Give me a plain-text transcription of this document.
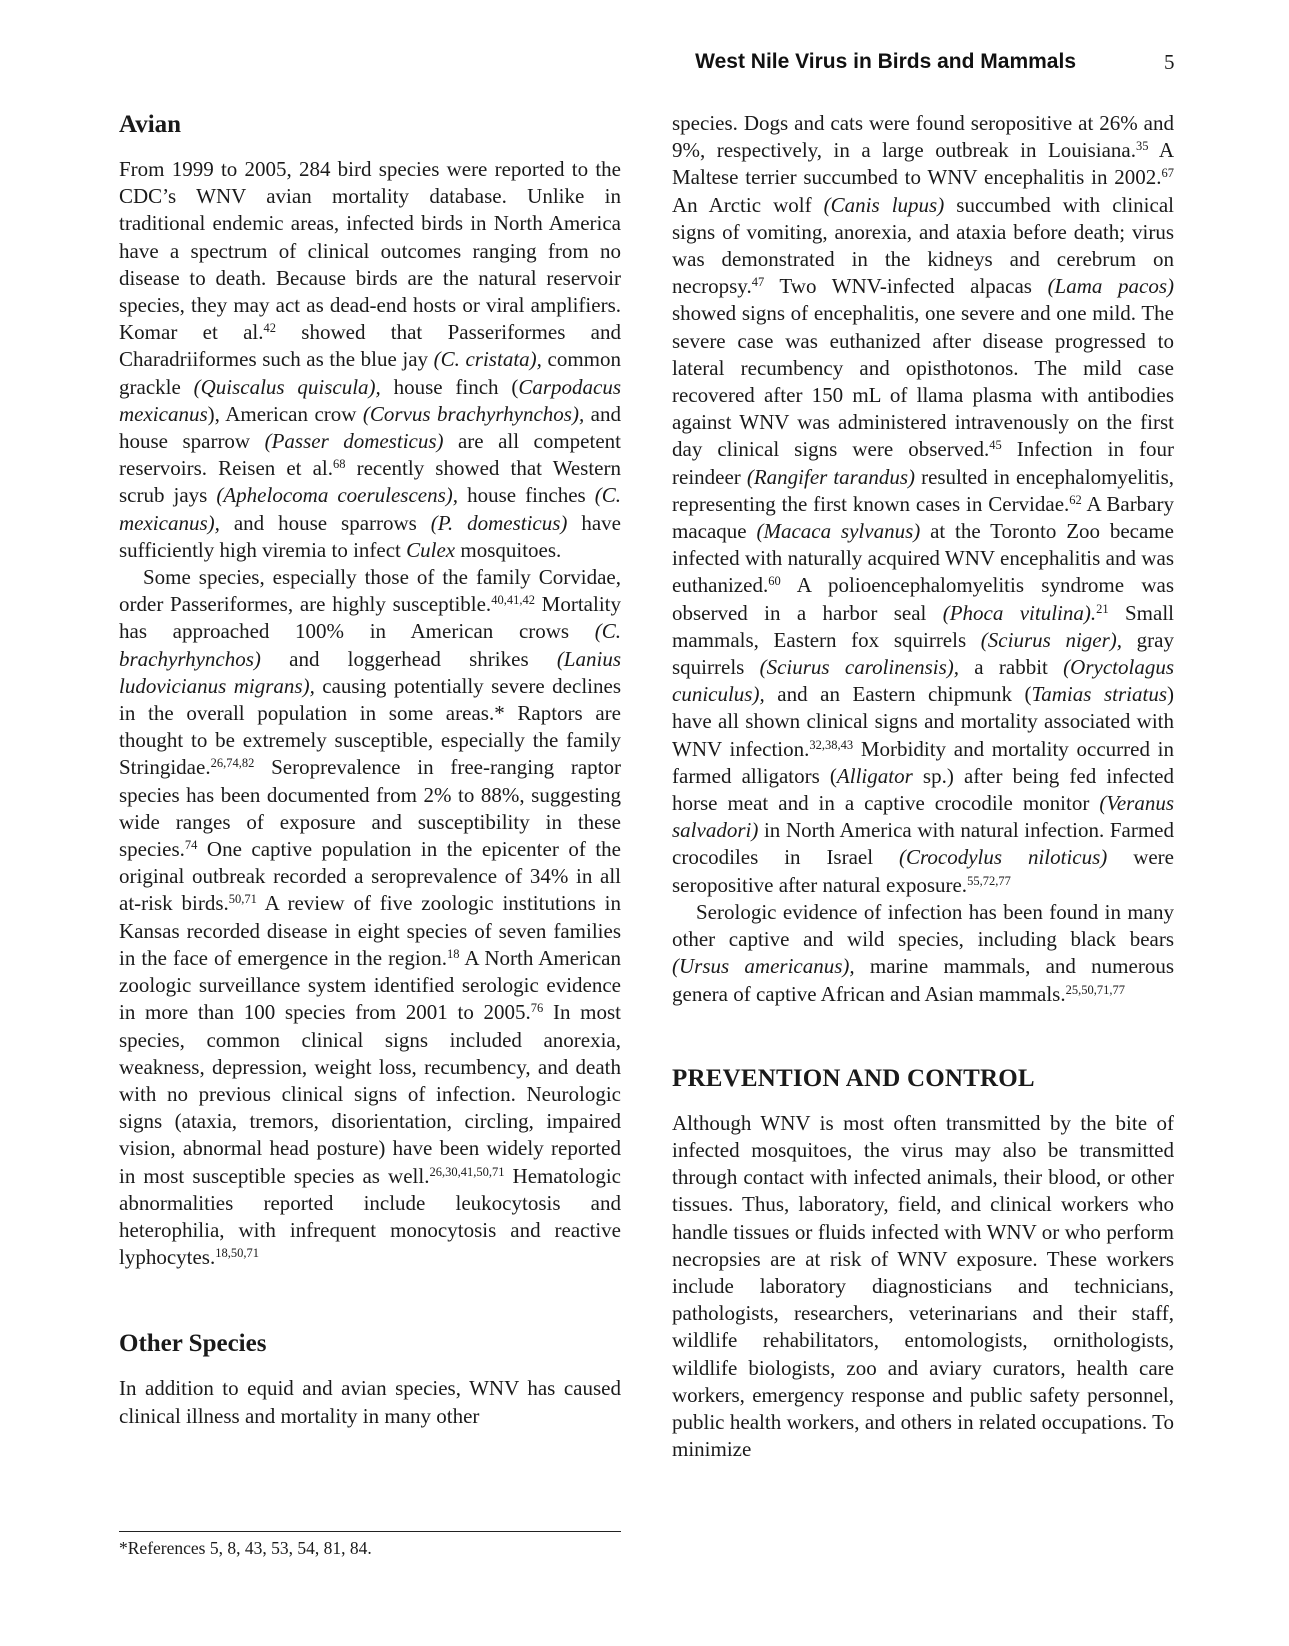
West Nile Virus in Birds and Mammals	5
Avian

From 1999 to 2005, 284 bird species were reported to the CDC’s WNV avian mortality database. Unlike in traditional endemic areas, infected birds in North America have a spectrum of clinical outcomes ranging from no disease to death. Because birds are the natural reservoir species, they may act as dead-end hosts or viral amplifiers. Komar et al.$^{42}$ showed that Passeriformes and Charadriiformes such as the blue jay (C. cristata), common grackle (Quiscalus quiscula), house finch (Carpodacus mexicanus), American crow (Corvus brachyrhynchos), and house sparrow (Passer domesticus) are all competent reservoirs. Reisen et al.$^{68}$ recently showed that Western scrub jays (Aphelocoma coerulescens), house finches (C. mexicanus), and house sparrows (P. domesticus) have sufficiently high viremia to infect Culex mosquitoes.

Some species, especially those of the family Corvidae, order Passeriformes, are highly susceptible.$^{40,41,42}$ Mortality has approached 100% in American crows (C. brachyrhynchos) and loggerhead shrikes (Lanius ludovicianus migrans), causing potentially severe declines in the overall population in some areas.* Raptors are thought to be extremely susceptible, especially the family Stringidae.$^{26,74,82}$ Seroprevalence in free-ranging raptor species has been documented from 2% to 88%, suggesting wide ranges of exposure and susceptibility in these species.$^{74}$ One captive population in the epicenter of the original outbreak recorded a seroprevalence of 34% in all at-risk birds.$^{50,71}$ A review of five zoologic institutions in Kansas recorded disease in eight species of seven families in the face of emergence in the region.$^{18}$ A North American zoologic surveillance system identified serologic evidence in more than 100 species from 2001 to 2005.76 In most species, common clinical signs included anorexia, weakness, depression, weight loss, recumbency, and death with no previous clinical signs of infection. Neurologic signs (ataxia, tremors, disorientation, circling, impaired vision, abnormal head posture) have been widely reported in most susceptible species as well.$^{26,30,41,50,71}$ Hematologic abnormalities reported include leukocytosis and heterophilia, with infrequent monocytosis and reactive lyphocytes.$^{18,50,71}$

Other Species

In addition to equid and avian species, WNV has caused clinical illness and mortality in many other

species. Dogs and cats were found seropositive at 26% and 9%, respectively, in a large outbreak in Louisiana.$^{35}$ A Maltese terrier succumbed to WNV encephalitis in 2002.67 An Arctic wolf (Canis lupus) succumbed with clinical signs of vomiting, anorexia, and ataxia before death; virus was demonstrated in the kidneys and cerebrum on necropsy.$^{47}$ Two WNV-infected alpacas (Lama pacos) showed signs of encephalitis, one severe and one mild. The severe case was euthanized after disease progressed to lateral recumbency and opisthotonos. The mild case recovered after 150 mL of llama plasma with antibodies against WNV was administered intravenously on the first day clinical signs were observed.$^{45}$ Infection in four reindeer (Rangifer tarandus) resulted in encephalomyelitis, representing the first known cases in Cervidae.$^{62}$ A Barbary macaque (Macaca sylvanus) at the Toronto Zoo became infected with naturally acquired WNV encephalitis and was euthanized.$^{60}$ A polioencephalomyelitis syndrome was observed in a harbor seal (Phoca vitulina).$^{21}$ Small mammals, Eastern fox squirrels (Sciurus niger), gray squirrels (Sciurus carolinensis), a rabbit (Oryctolagus cuniculus), and an Eastern chipmunk (Tamias striatus) have all shown clinical signs and mortality associated with WNV infection.$^{32,38,43}$ Morbidity and mortality occurred in farmed alligators (Alligator sp.) after being fed infected horse meat and in a captive crocodile monitor (Veranus salvadori) in North America with natural infection. Farmed crocodiles in Israel (Crocodylus niloticus) were seropositive after natural exposure.$^{55,72,77}$

Serologic evidence of infection has been found in many other captive and wild species, including black bears (Ursus americanus), marine mammals, and numerous genera of captive African and Asian mammals.$^{25,50,71,77}$

PREVENTION AND CONTROL

Although WNV is most often transmitted by the bite of infected mosquitoes, the virus may also be transmitted through contact with infected animals, their blood, or other tissues. Thus, laboratory, field, and clinical workers who handle tissues or fluids infected with WNV or who perform necropsies are at risk of WNV exposure. These workers include laboratory diagnosticians and technicians, pathologists, researchers, veterinarians and their staff, wildlife rehabilitators, entomologists, ornithologists, wildlife biologists, zoo and aviary curators, health care workers, emergency response and public safety personnel, public health workers, and others in related occupations. To minimize

*References 5, 8, 43, 53, 54, 81, 84.
